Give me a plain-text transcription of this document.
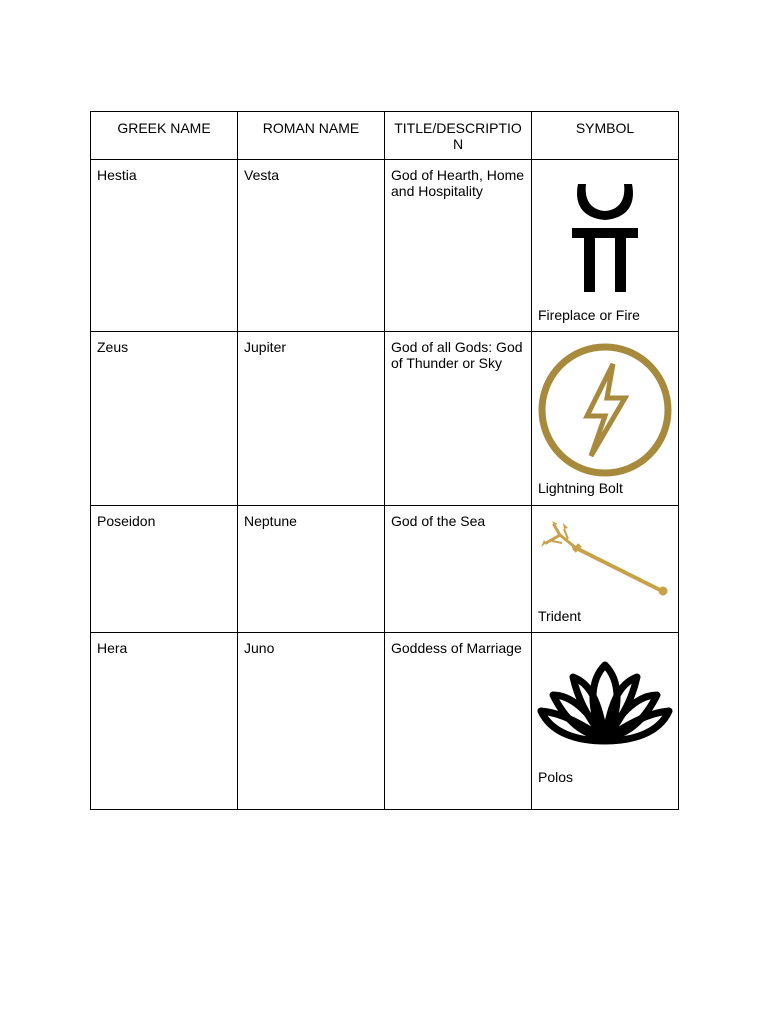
GREEK NAME	ROMAN NAME	TITLE/DESCRIPTIO N	SYMBOL
Hestia	Vesta	God of Hearth, Home and Hospitality	Fireplace or Fire

Zeus	Jupiter	God of all Gods: God of Thunder or Sky	Lightning Bolt

Poseidon	Neptune	God of the Sea	Trident

Hera	Juno	Goddess of Marriage	Polos
